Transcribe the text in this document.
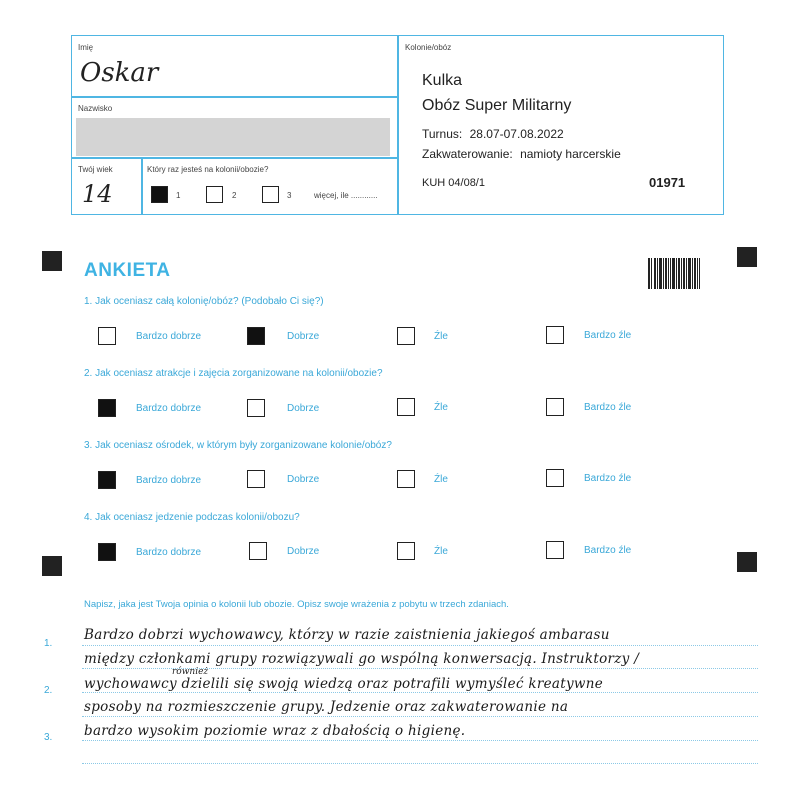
Imię
Oskar
Nazwisko
Twój wiek
14
Który raz jesteś na kolonii/obozie?
1	2	3	więcej, ile ............
Kolonie/obóz
Kulka
Obóz Super Militarny
Turnus: 28.07-07.08.2022
Zakwaterowanie: namioty harcerskie
KUH 04/08/1	01971
ANKIETA
1. Jak oceniasz całą kolonię/obóz? (Podobało Ci się?)
Bardzo dobrze	Dobrze	Źle	Bardzo źle
2. Jak oceniasz atrakcje i zajęcia zorganizowane na kolonii/obozie?
Bardzo dobrze	Dobrze	Źle	Bardzo źle
3. Jak oceniasz ośrodek, w którym były zorganizowane kolonie/obóz?
Bardzo dobrze	Dobrze	Źle	Bardzo źle
4. Jak oceniasz jedzenie podczas kolonii/obozu?
Bardzo dobrze	Dobrze	Źle	Bardzo źle
Napisz, jaka jest Twoja opinia o kolonii lub obozie. Opisz swoje wrażenia z pobytu w trzech zdaniach.
1.
2.
3.
Bardzo dobrzi wychowawcy, którzy w razie zaistnienia jakiegoś ambarasu
między członkami grupy rozwiązywali go wspólną konwersacją. Instruktorzy /
również
wychowawcy dzielili się swoją wiedzą oraz potrafili wymyśleć kreatywne
sposoby na rozmieszczenie grupy. Jedzenie oraz zakwaterowanie na
bardzo wysokim poziomie wraz z dbałością o higienę.
